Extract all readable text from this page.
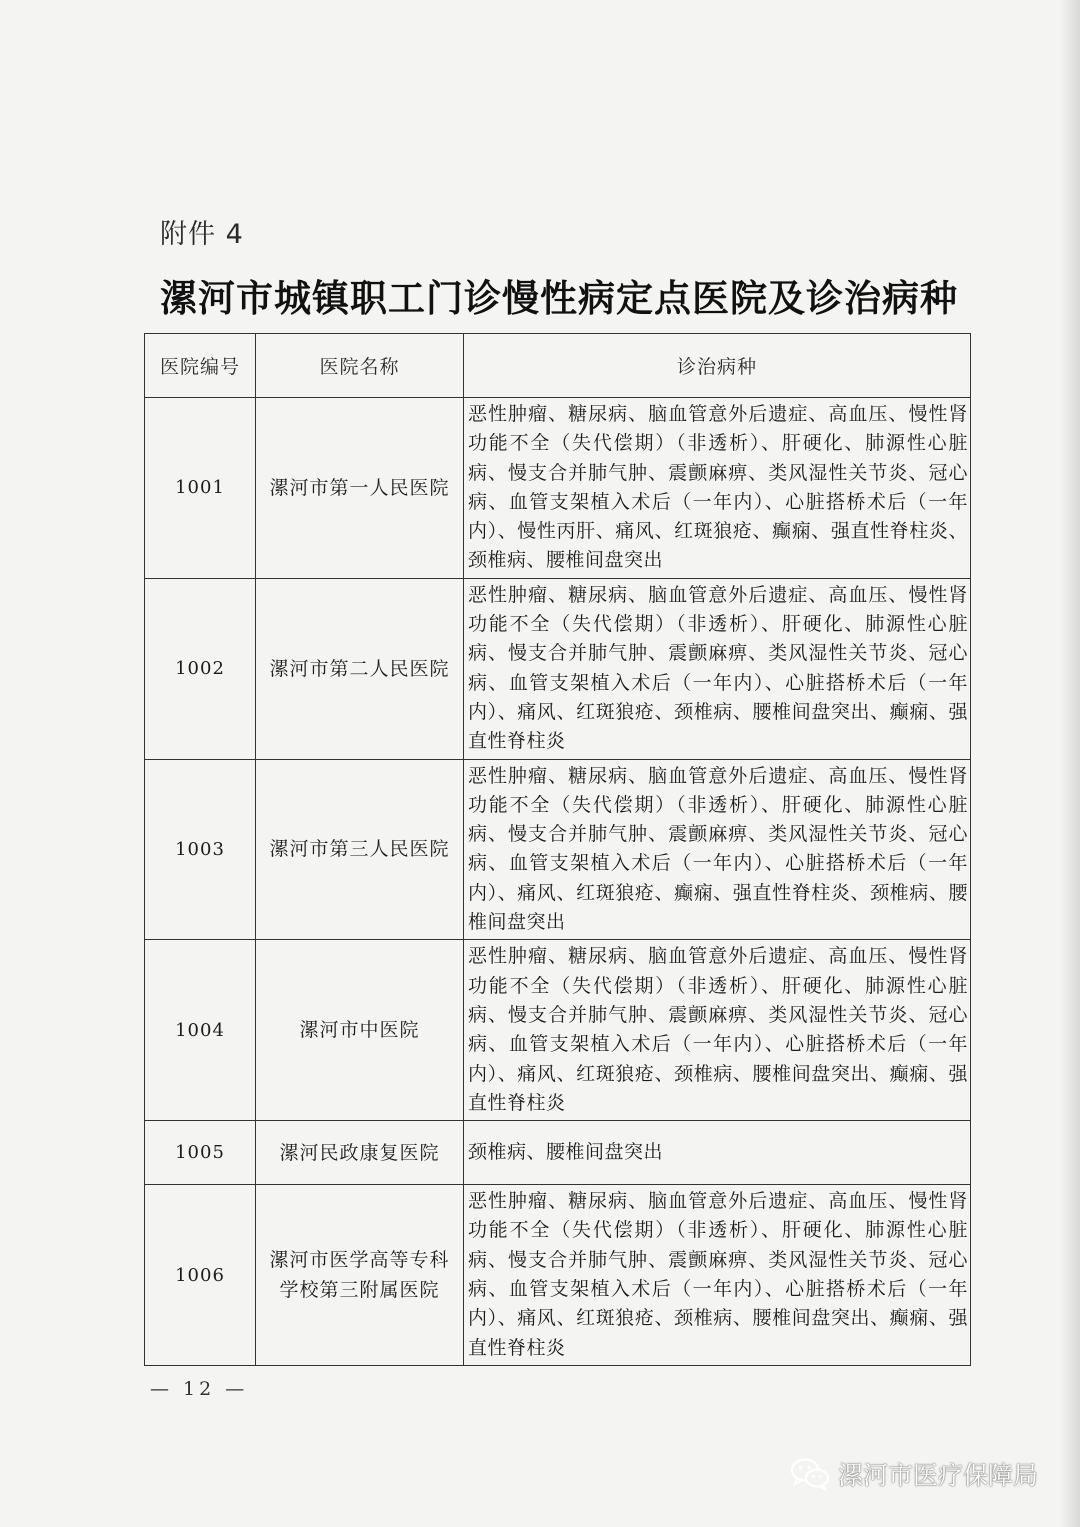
附件 4
漯河市城镇职工门诊慢性病定点医院及诊治病种
医院编号	医院名称	诊治病种
1001	漯河市第一人民医院	恶性肿瘤、糖尿病、脑血管意外后遗症、高血压、慢性肾功能不全（失代偿期）（非透析）、肝硬化、肺源性心脏病、慢支合并肺气肿、震颤麻痹、类风湿性关节炎、冠心病、血管支架植入术后（一年内）、心脏搭桥术后（一年内）、慢性丙肝、痛风、红斑狼疮、癫痫、强直性脊柱炎、颈椎病、腰椎间盘突出
1002	漯河市第二人民医院	恶性肿瘤、糖尿病、脑血管意外后遗症、高血压、慢性肾功能不全（失代偿期）（非透析）、肝硬化、肺源性心脏病、慢支合并肺气肿、震颤麻痹、类风湿性关节炎、冠心病、血管支架植入术后（一年内）、心脏搭桥术后（一年内）、痛风、红斑狼疮、颈椎病、腰椎间盘突出、癫痫、强直性脊柱炎
1003	漯河市第三人民医院	恶性肿瘤、糖尿病、脑血管意外后遗症、高血压、慢性肾功能不全（失代偿期）（非透析）、肝硬化、肺源性心脏病、慢支合并肺气肿、震颤麻痹、类风湿性关节炎、冠心病、血管支架植入术后（一年内）、心脏搭桥术后（一年内）、痛风、红斑狼疮、癫痫、强直性脊柱炎、颈椎病、腰椎间盘突出
1004	漯河市中医院	恶性肿瘤、糖尿病、脑血管意外后遗症、高血压、慢性肾功能不全（失代偿期）（非透析）、肝硬化、肺源性心脏病、慢支合并肺气肿、震颤麻痹、类风湿性关节炎、冠心病、血管支架植入术后（一年内）、心脏搭桥术后（一年内）、痛风、红斑狼疮、颈椎病、腰椎间盘突出、癫痫、强直性脊柱炎
1005	漯河民政康复医院	颈椎病、腰椎间盘突出
1006	漯河市医学高等专科
学校第三附属医院	恶性肿瘤、糖尿病、脑血管意外后遗症、高血压、慢性肾功能不全（失代偿期）（非透析）、肝硬化、肺源性心脏病、慢支合并肺气肿、震颤麻痹、类风湿性关节炎、冠心病、血管支架植入术后（一年内）、心脏搭桥术后（一年内）、痛风、红斑狼疮、颈椎病、腰椎间盘突出、癫痫、强直性脊柱炎
— 12 —
漯河市医疗保障局
